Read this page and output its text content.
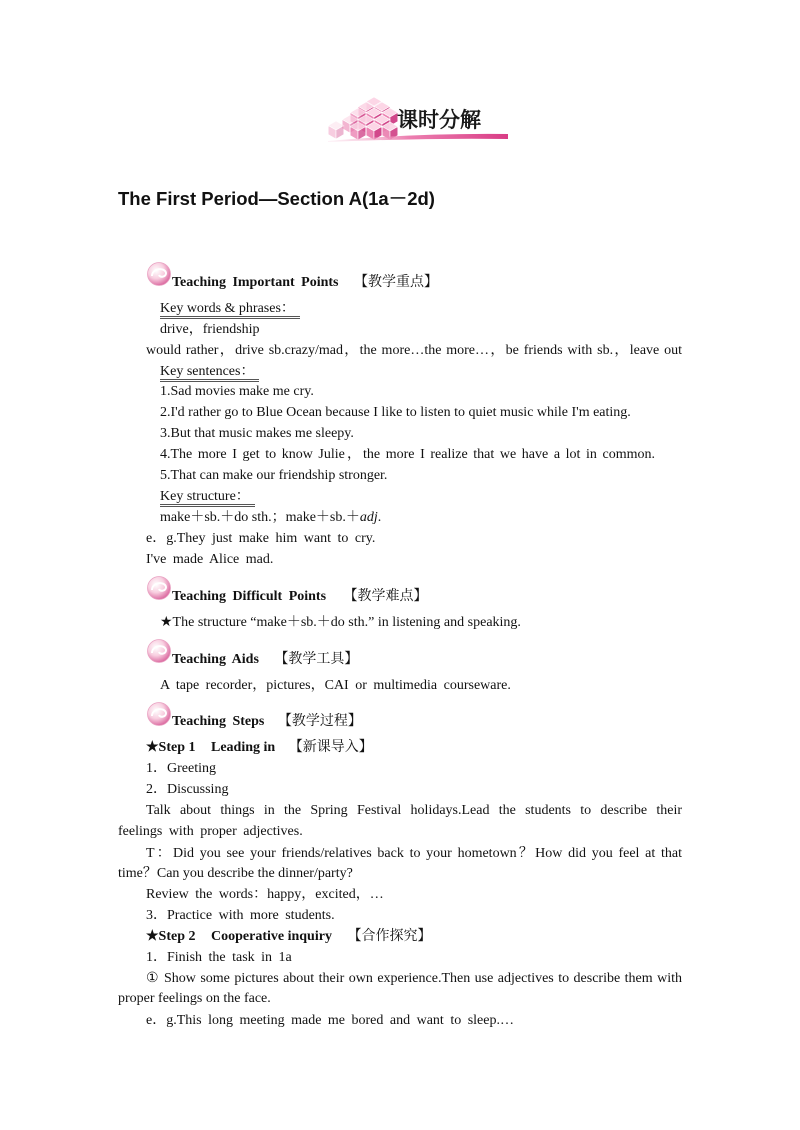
课时分解
The First Period—Section A(1a－2d)
Teaching Important Points 【教学重点】
Key words & phrases：
drive，friendship
would rather，drive sb.crazy/mad，the more…the more…，be friends with sb.，leave out
Key sentences：
1.Sad movies make me cry.
2.I'd rather go to Blue Ocean because I like to listen to quiet music while I'm eating.
3.But that music makes me sleepy.
4.The more I get to know Julie，the more I realize that we have a lot in common.
5.That can make our friendship stronger.
Key structure：
make＋sb.＋do sth.；make＋sb.＋adj.
e．g.They just make him want to cry.
I've made Alice mad.
Teaching Difficult Points 【教学难点】
★The structure “make＋sb.＋do sth.” in listening and speaking.
Teaching Aids 【教学工具】
A tape recorder，pictures，CAI or multimedia courseware.
Teaching Steps 【教学过程】
★Step 1 Leading in 【新课导入】
1．Greeting
2．Discussing
Talk about things in the Spring Festival holidays.Lead the students to describe their
feelings with proper adjectives.
T：Did you see your friends/relatives back to your hometown？How did you feel at that
time？Can you describe the dinner/party?
Review the words：happy，excited，…
3．Practice with more students.
★Step 2 Cooperative inquiry 【合作探究】
1．Finish the task in 1a
① Show some pictures about their own experience.Then use adjectives to describe them with
proper feelings on the face.
e．g.This long meeting made me bored and want to sleep.…
